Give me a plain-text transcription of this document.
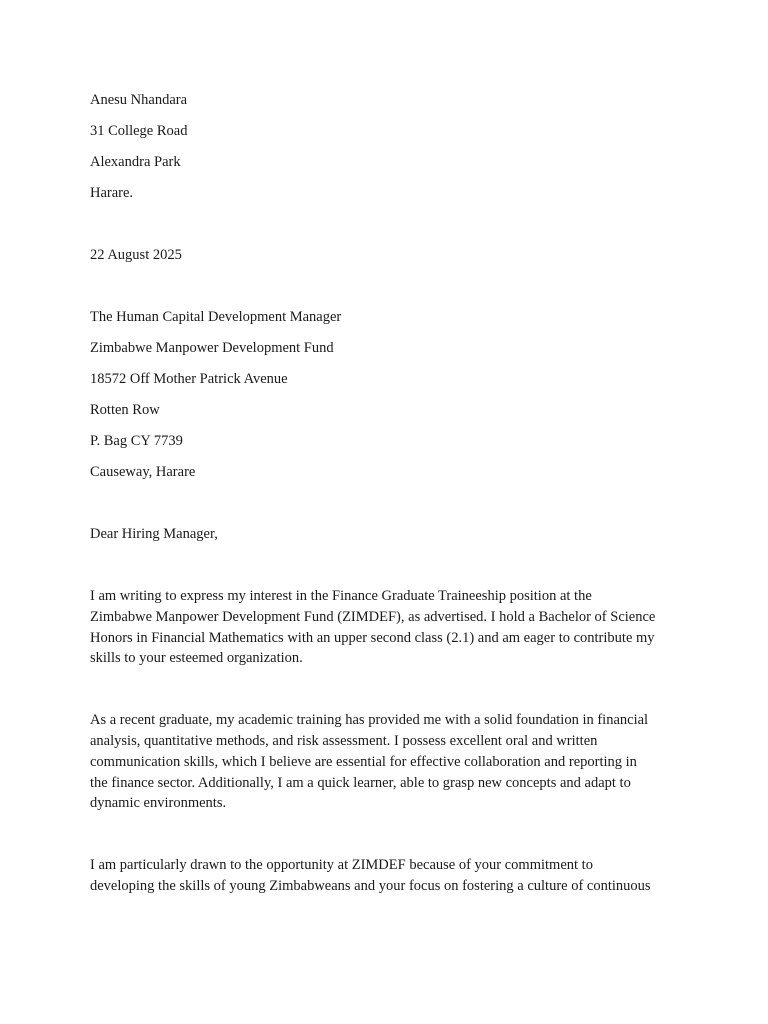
Anesu Nhandara
31 College Road
Alexandra Park
Harare.
22 August 2025
The Human Capital Development Manager
Zimbabwe Manpower Development Fund
18572 Off Mother Patrick Avenue
Rotten Row
P. Bag CY 7739
Causeway, Harare
Dear Hiring Manager,
I am writing to express my interest in the Finance Graduate Traineeship position at the
Zimbabwe Manpower Development Fund (ZIMDEF), as advertised. I hold a Bachelor of Science
Honors in Financial Mathematics with an upper second class (2.1) and am eager to contribute my
skills to your esteemed organization.
As a recent graduate, my academic training has provided me with a solid foundation in financial
analysis, quantitative methods, and risk assessment. I possess excellent oral and written
communication skills, which I believe are essential for effective collaboration and reporting in
the finance sector. Additionally, I am a quick learner, able to grasp new concepts and adapt to
dynamic environments.
I am particularly drawn to the opportunity at ZIMDEF because of your commitment to
developing the skills of young Zimbabweans and your focus on fostering a culture of continuous
